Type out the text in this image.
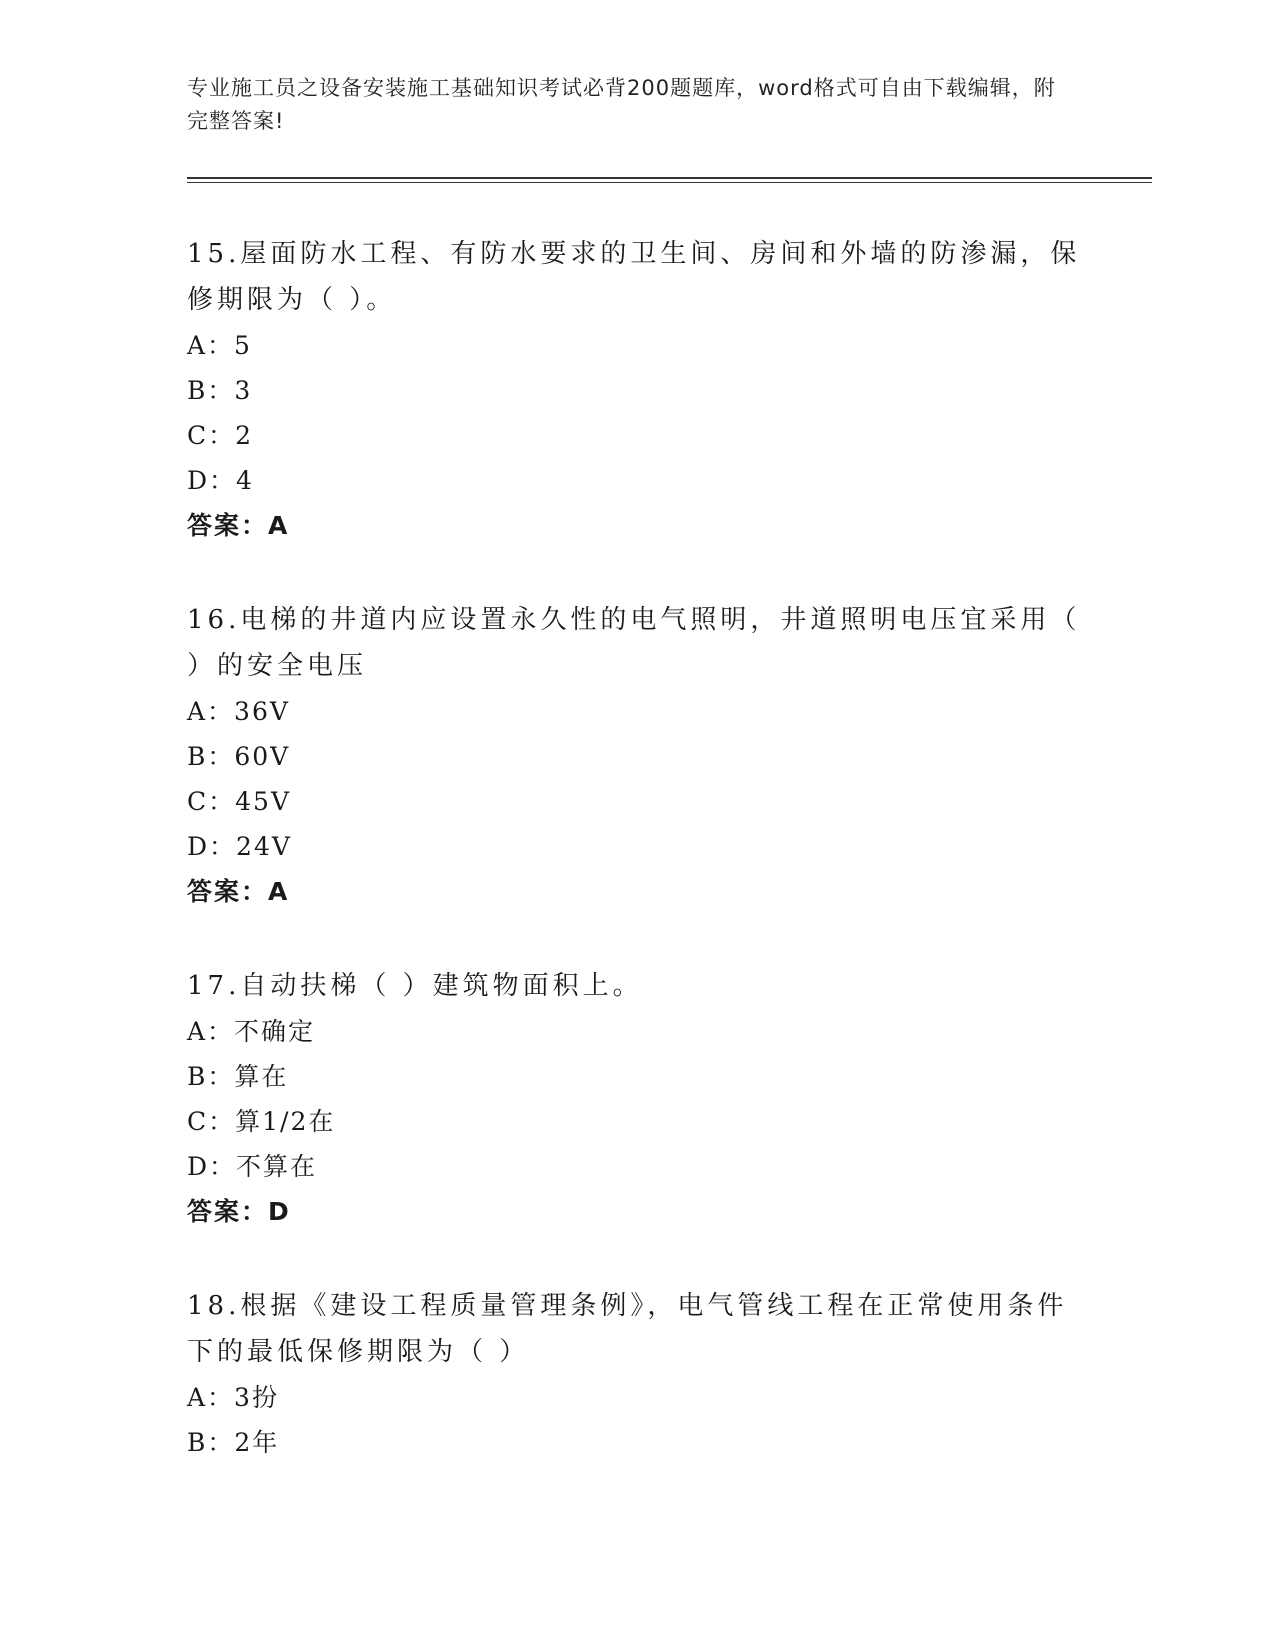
专业施工员之设备安装施工基础知识考试必背200题题库，word格式可自由下载编辑，附完整答案!

15.屋面防水工程、有防水要求的卫生间、房间和外墙的防渗漏，保修期限为（ ）。

A：5

B：3

C：2

D：4

答案：A

16.电梯的井道内应设置永久性的电气照明，井道照明电压宜采用（ ）的安全电压

A：36V

B：60V

C：45V

D：24V

答案：A

17.自动扶梯（ ）建筑物面积上。

A：不确定

B：算在

C：算1/2在

D：不算在

答案：D

18.根据《建设工程质量管理条例》，电气管线工程在正常使用条件下的最低保修期限为（ ）

A：3扮

B：2年
